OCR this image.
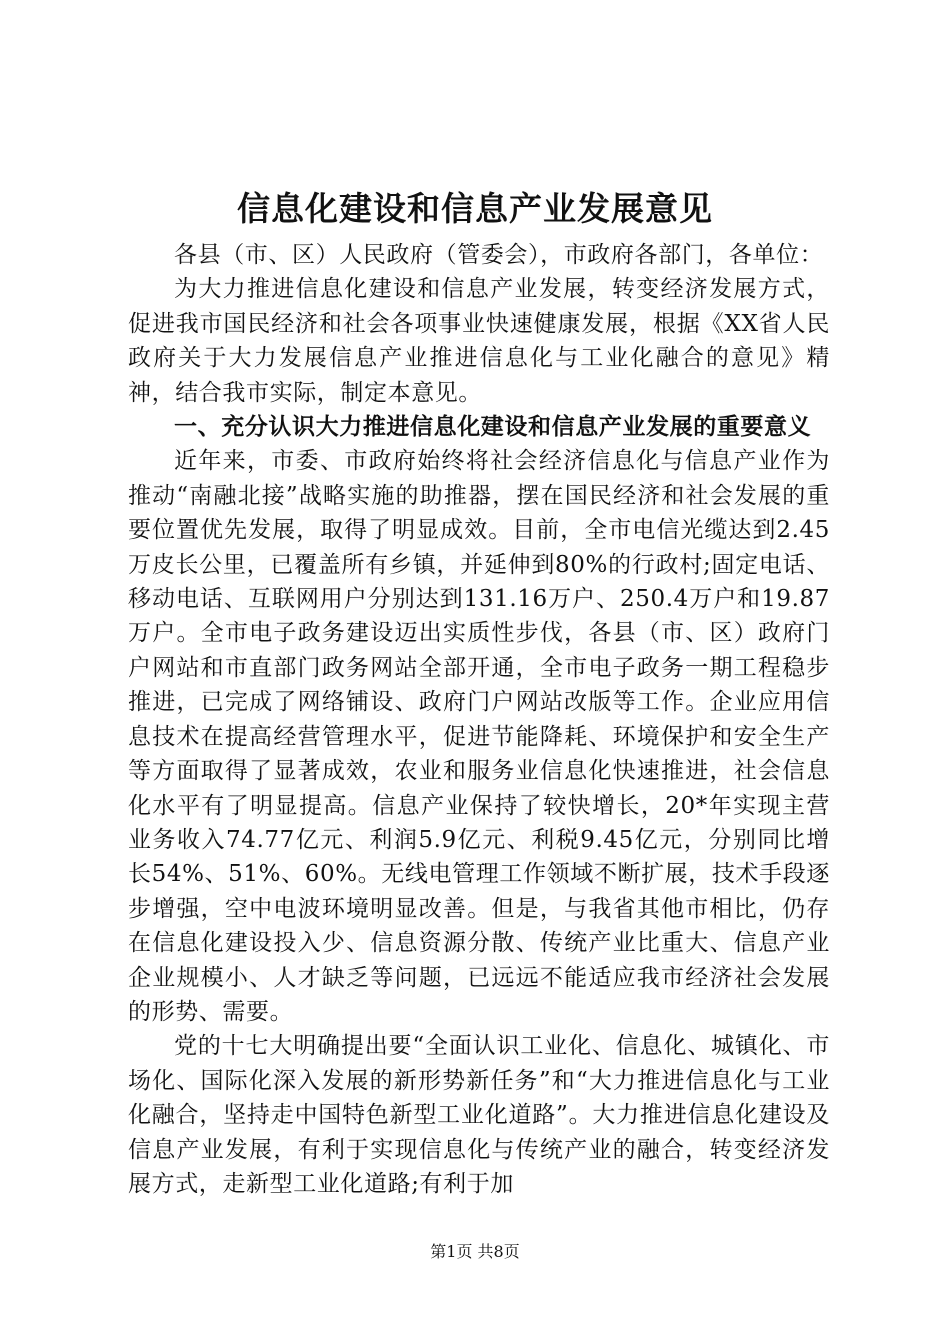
信息化建设和信息产业发展意见

各县（市、区）人民政府（管委会），市政府各部门，各单位：

为大力推进信息化建设和信息产业发展，转变经济发展方式，促进我市国民经济和社会各项事业快速健康发展，根据《XX省人民政府关于大力发展信息产业推进信息化与工业化融合的意见》精神，结合我市实际，制定本意见。

一、充分认识大力推进信息化建设和信息产业发展的重要意义

近年来，市委、市政府始终将社会经济信息化与信息产业作为推动“南融北接”战略实施的助推器，摆在国民经济和社会发展的重要位置优先发展，取得了明显成效。目前，全市电信光缆达到2.45万皮长公里，已覆盖所有乡镇，并延伸到80%的行政村;固定电话、移动电话、互联网用户分别达到131.16万户、250.4万户和19.87万户。全市电子政务建设迈出实质性步伐，各县（市、区）政府门户网站和市直部门政务网站全部开通，全市电子政务一期工程稳步推进，已完成了网络铺设、政府门户网站改版等工作。企业应用信息技术在提高经营管理水平，促进节能降耗、环境保护和安全生产等方面取得了显著成效，农业和服务业信息化快速推进，社会信息化水平有了明显提高。信息产业保持了较快增长，20*年实现主营业务收入74.77亿元、利润5.9亿元、利税9.45亿元，分别同比增长54%、51%、60%。无线电管理工作领域不断扩展，技术手段逐步增强，空中电波环境明显改善。但是，与我省其他市相比，仍存在信息化建设投入少、信息资源分散、传统产业比重大、信息产业企业规模小、人才缺乏等问题，已远远不能适应我市经济社会发展的形势、需要。

党的十七大明确提出要“全面认识工业化、信息化、城镇化、市场化、国际化深入发展的新形势新任务”和“大力推进信息化与工业化融合，坚持走中国特色新型工业化道路”。大力推进信息化建设及信息产业发展，有利于实现信息化与传统产业的融合，转变经济发展方式，走新型工业化道路;有利于加

第1页 共8页
